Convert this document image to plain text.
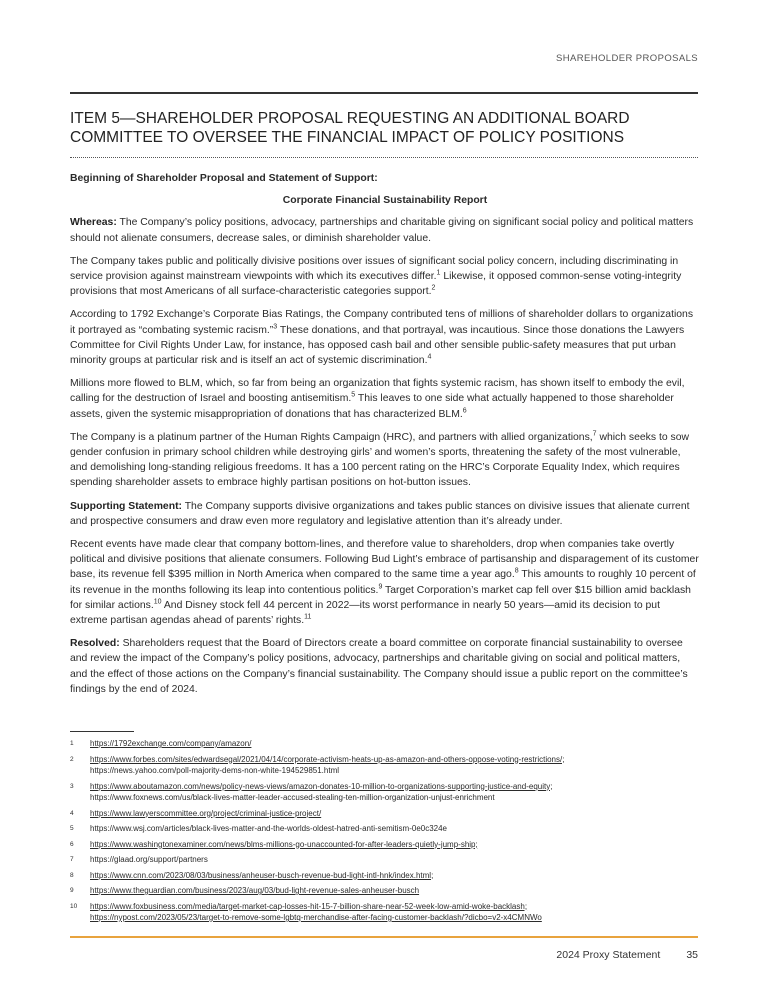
SHAREHOLDER PROPOSALS
ITEM 5—SHAREHOLDER PROPOSAL REQUESTING AN ADDITIONAL BOARD COMMITTEE TO OVERSEE THE FINANCIAL IMPACT OF POLICY POSITIONS

Beginning of Shareholder Proposal and Statement of Support:

Corporate Financial Sustainability Report

Whereas: The Company’s policy positions, advocacy, partnerships and charitable giving on significant social policy and political matters should not alienate consumers, decrease sales, or diminish shareholder value.

The Company takes public and politically divisive positions over issues of significant social policy concern, including discriminating in service provision against mainstream viewpoints with which its executives differ.$^1$ Likewise, it opposed common-sense voting-integrity provisions that most Americans of all surface-characteristic categories support.$^2$

According to 1792 Exchange’s Corporate Bias Ratings, the Company contributed tens of millions of shareholder dollars to organizations it portrayed as “combating systemic racism.”$^3$ These donations, and that portrayal, was incautious. Since those donations the Lawyers Committee for Civil Rights Under Law, for instance, has opposed cash bail and other sensible public-safety measures that put urban minority groups at particular risk and is itself an act of systemic discrimination.$^4$

Millions more flowed to BLM, which, so far from being an organization that fights systemic racism, has shown itself to embody the evil, calling for the destruction of Israel and boosting antisemitism.$^5$ This leaves to one side what actually happened to those shareholder assets, given the systemic misappropriation of donations that has characterized BLM.$^6$

The Company is a platinum partner of the Human Rights Campaign (HRC), and partners with allied organizations,$^7$ which seeks to sow gender confusion in primary school children while destroying girls’ and women’s sports, threatening the safety of the most vulnerable, and demolishing long-standing religious freedoms. It has a 100 percent rating on the HRC’s Corporate Equality Index, which requires spending shareholder assets to embrace highly partisan positions on hot-button issues.

Supporting Statement: The Company supports divisive organizations and takes public stances on divisive issues that alienate current and prospective consumers and draw even more regulatory and legislative attention than it’s already under.

Recent events have made clear that company bottom-lines, and therefore value to shareholders, drop when companies take overtly political and divisive positions that alienate consumers. Following Bud Light’s embrace of partisanship and disparagement of its customer base, its revenue fell $395 million in North America when compared to the same time a year ago.$^8$ This amounts to roughly 10 percent of its revenue in the months following its leap into contentious politics.$^9$ Target Corporation’s market cap fell over $15 billion amid backlash for similar actions.$^{10}$ And Disney stock fell 44 percent in 2022—its worst performance in nearly 50 years—amid its decision to put extreme partisan agendas ahead of parents’ rights.$^{11}$

Resolved: Shareholders request that the Board of Directors create a board committee on corporate financial sustainability to oversee and review the impact of the Company’s policy positions, advocacy, partnerships and charitable giving on social and political matters, and the effect of those actions on the Company’s financial sustainability. The Company should issue a public report on the committee’s findings by the end of 2024.

1	https://1792exchange.com/company/amazon/
2	https://www.forbes.com/sites/edwardsegal/2021/04/14/corporate-activism-heats-up-as-amazon-and-others-oppose-voting-restrictions/;
https://news.yahoo.com/poll-majority-dems-non-white-194529851.html
3	https://www.aboutamazon.com/news/policy-news-views/amazon-donates-10-million-to-organizations-supporting-justice-and-equity;
https://www.foxnews.com/us/black-lives-matter-leader-accused-stealing-ten-million-organization-unjust-enrichment
4	https://www.lawyerscommittee.org/project/criminal-justice-project/
5	https://www.wsj.com/articles/black-lives-matter-and-the-worlds-oldest-hatred-anti-semitism-0e0c324e
6	https://www.washingtonexaminer.com/news/blms-millions-go-unaccounted-for-after-leaders-quietly-jump-ship;
7	https://glaad.org/support/partners
8	https://www.cnn.com/2023/08/03/business/anheuser-busch-revenue-bud-light-intl-hnk/index.html;
9	https://www.theguardian.com/business/2023/aug/03/bud-light-revenue-sales-anheuser-busch
10	https://www.foxbusiness.com/media/target-market-cap-losses-hit-15-7-billion-share-near-52-week-low-amid-woke-backlash;
https://nypost.com/2023/05/23/target-to-remove-some-lgbtq-merchandise-after-facing-customer-backlash/?dicbo=v2-x4CMNWo
2024 Proxy Statement 35
